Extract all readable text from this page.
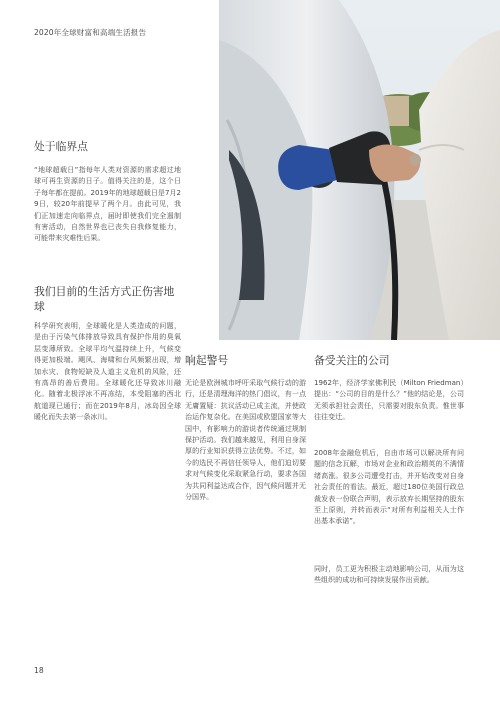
2020年全球财富和高端生活报告
处于临界点

“地球超载日”指每年人类对资源的需求超过地球可再生资源的日子。值得关注的是，这个日子每年都在提前。2019年的地球超载日是7月29日，较20年前提早了两个月。由此可见，我们正加速走向临界点，届时即使我们完全遏制有害活动，自然世界也已丧失自我修复能力，可能带来灾难性后果。

我们目前的生活方式正伤害地球

科学研究表明，全球暖化是人类造成的问题，是由于污染气体排放导致具有保护作用的臭氧层变薄所致。全球平均气温持续上升，气候变得更加极端。飓风、海啸和台风频繁出现，增加水灾、食物短缺及人道主义危机的风险，还有高昂的善后费用。全球暖化还导致冰川融化。随着北极浮冰不再冻结，本受阻塞的西北航道现已通行；而在2019年8月，冰岛因全球暖化而失去第一条冰川。

响起警号

无论是欧洲城市呼吁采取气候行动的游行，还是清理海洋的热门倡议，有一点无庸置疑：抗议活动已成主流，并使政治运作复杂化。在美国或欧盟国家等大国中，有影响力的游说者传统通过规制保护活动。我们越来越见，利用自身深厚的行业知识获得立法优势。不过，如今的选民不再信任领导人，他们迫切要求对气候变化采取紧急行动，要求各国为共同利益达成合作，因气候问题并无分国界。

备受关注的公司

1962年，经济学家佛利民（Milton Friedman）提出：“公司的目的是什么？”他的结论是，公司无须承担社会责任，只需要对股东负责。惟世事往往变迁。

2008年金融危机后，自由市场可以解决所有问题的信念瓦解，市场对企业和政治精英的不满情绪高涨。很多公司遭受打击，并开始改变对自身社会责任的看法。最近，超过180位美国行政总裁发表一份联合声明，表示放弃长期坚持的股东至上原则，并转而表示“对所有利益相关人士作出基本承诺”。

同时，员工更为积极主动地影响公司，从而为这些组织的成功和可持续发展作出贡献。

18
